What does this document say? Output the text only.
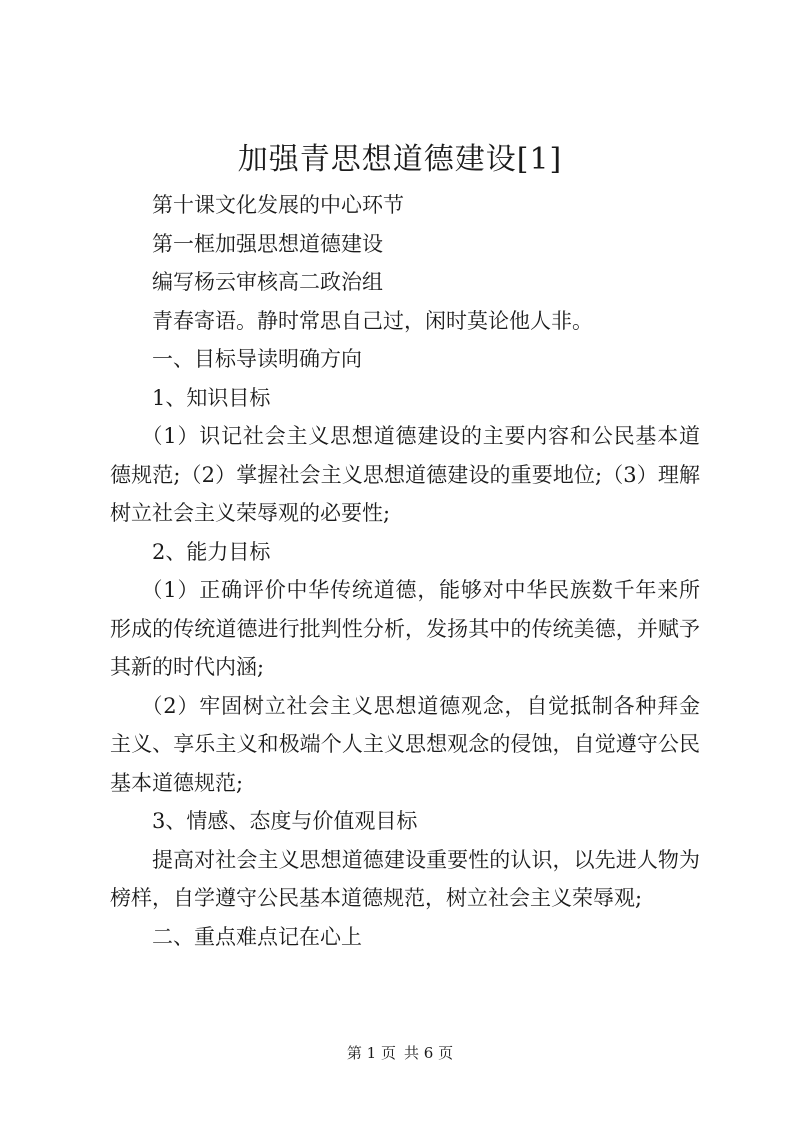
加强青思想道德建设[1]

第十课文化发展的中心环节

第一框加强思想道德建设

编写杨云审核高二政治组

青春寄语。静时常思自己过，闲时莫论他人非。

一、目标导读明确方向

1、知识目标

（1）识记社会主义思想道德建设的主要内容和公民基本道德规范;（2）掌握社会主义思想道德建设的重要地位;（3）理解树立社会主义荣辱观的必要性;

2、能力目标

（1）正确评价中华传统道德，能够对中华民族数千年来所形成的传统道德进行批判性分析，发扬其中的传统美德，并赋予其新的时代内涵;

（2）牢固树立社会主义思想道德观念，自觉抵制各种拜金主义、享乐主义和极端个人主义思想观念的侵蚀，自觉遵守公民基本道德规范;

3、情感、态度与价值观目标

提高对社会主义思想道德建设重要性的认识，以先进人物为榜样，自学遵守公民基本道德规范，树立社会主义荣辱观;

二、重点难点记在心上

第 1 页 共 6 页
